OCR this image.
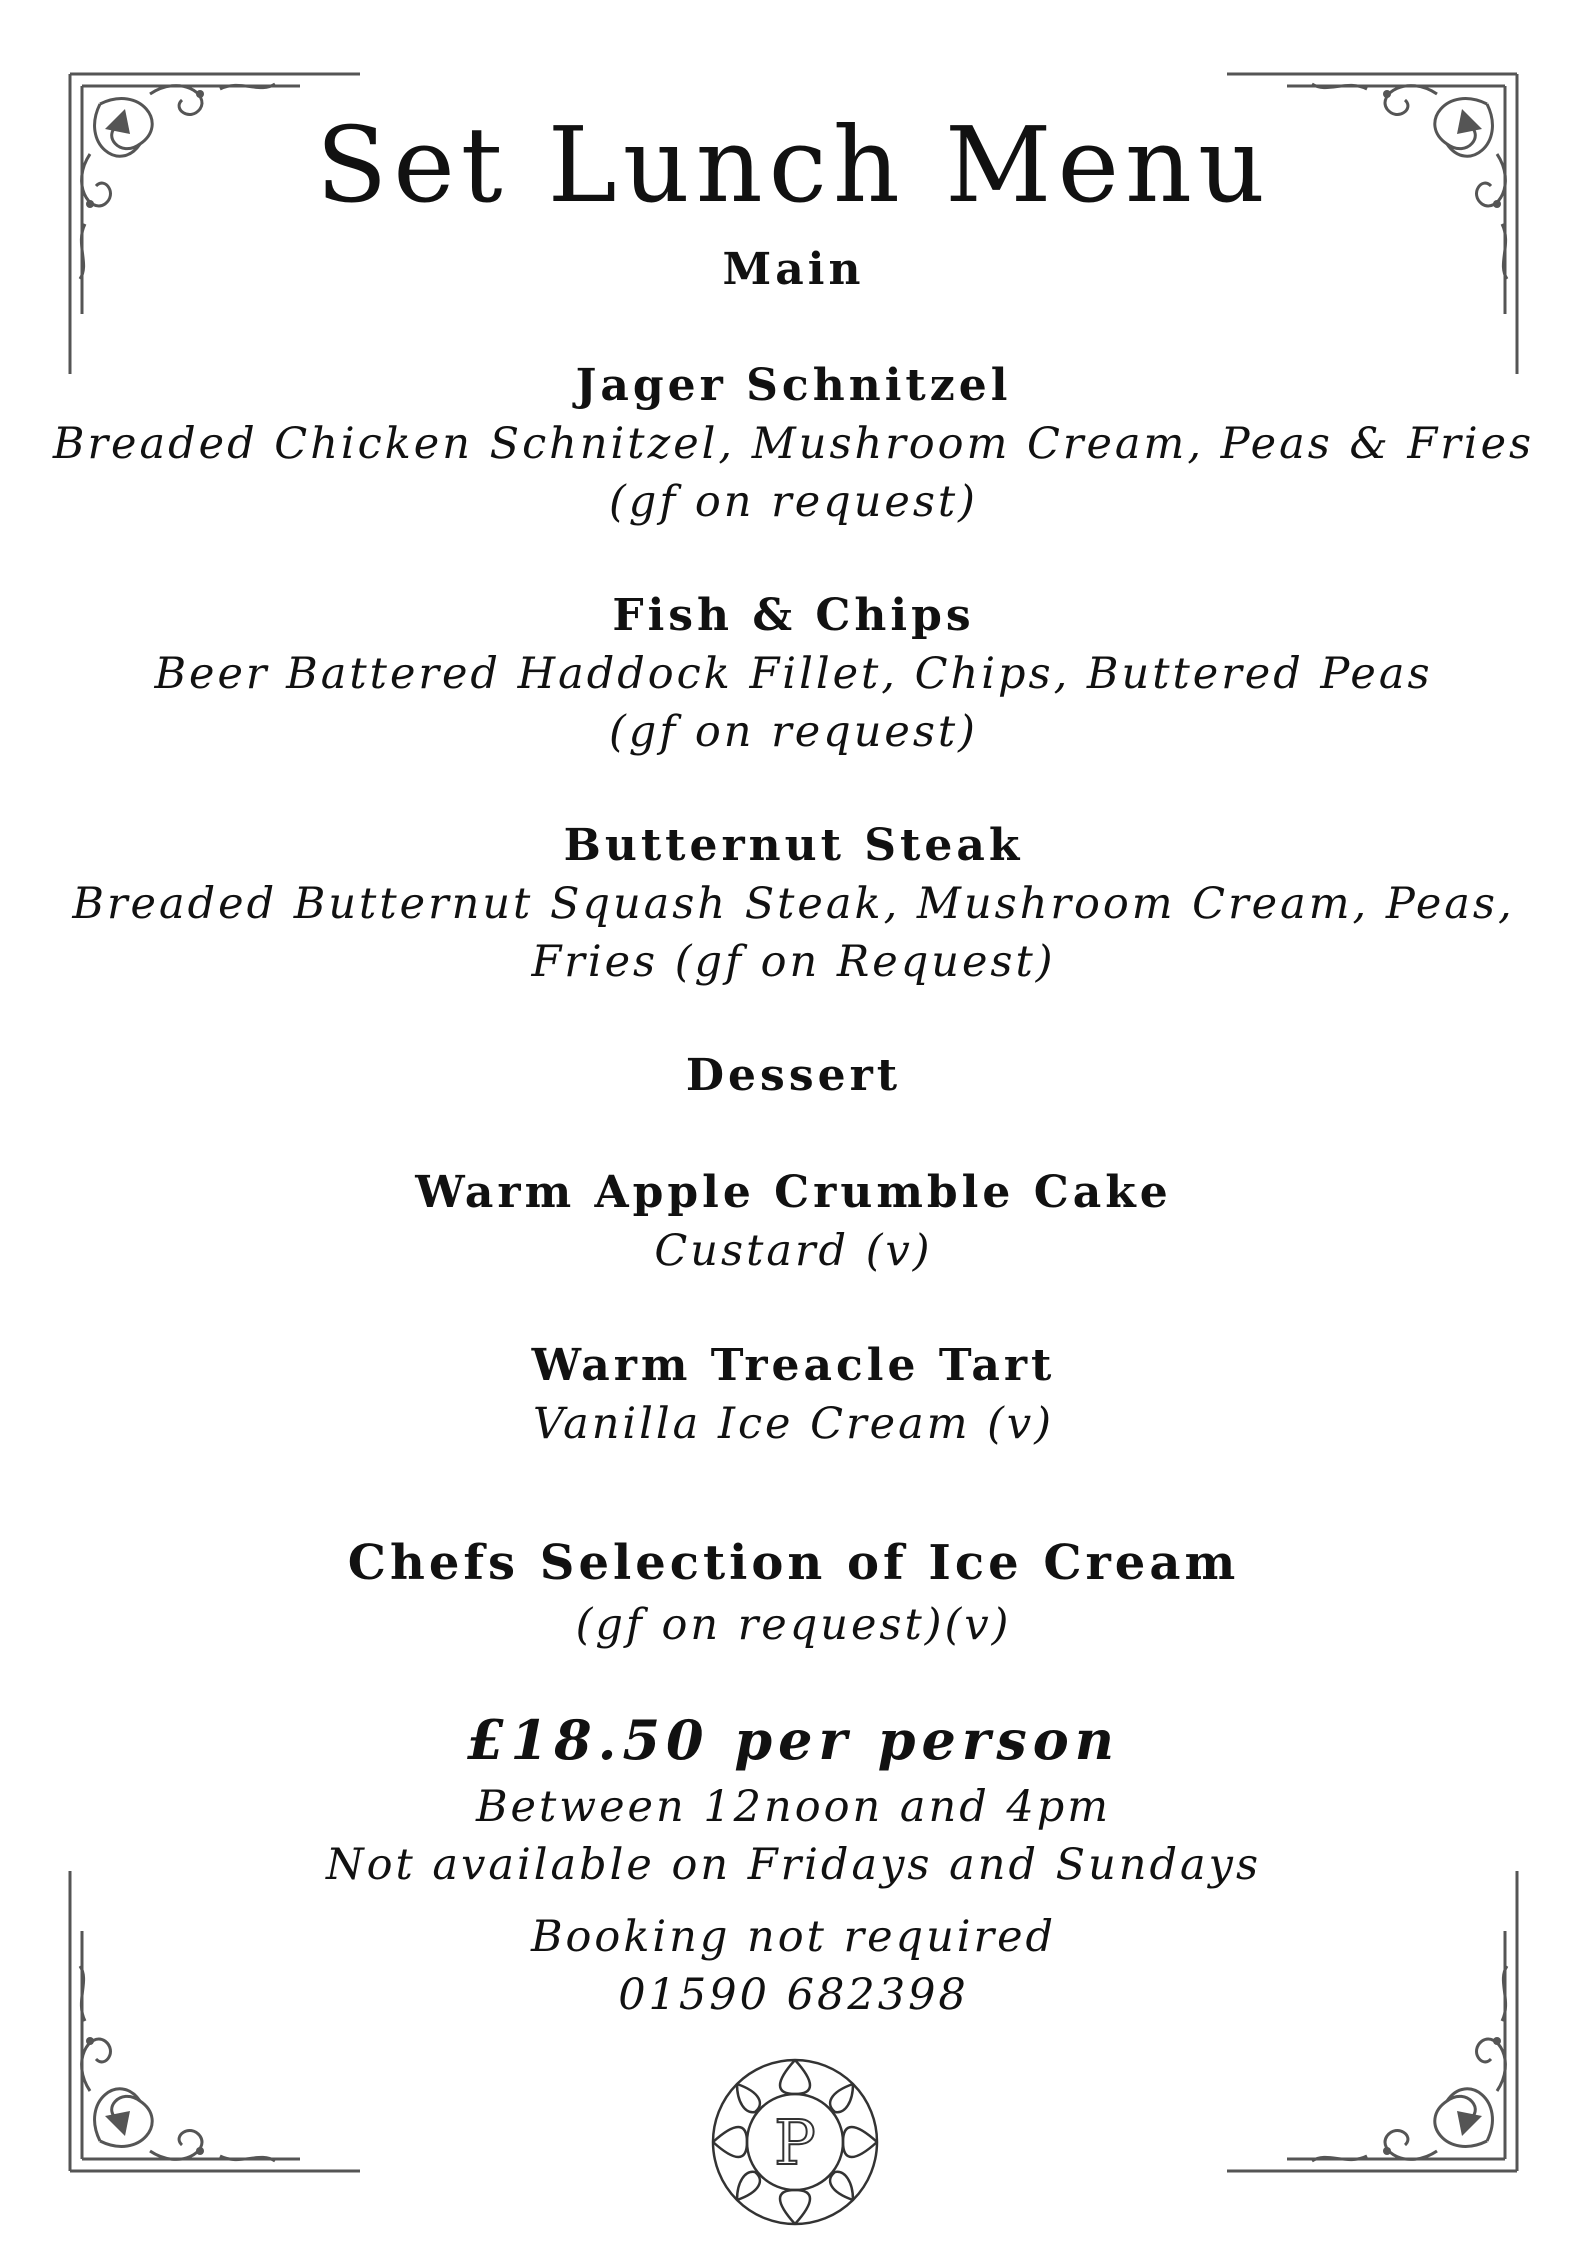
Set Lunch Menu
Main
Jager Schnitzel

Breaded Chicken Schnitzel, Mushroom Cream, Peas & Fries
(gf on request)

Fish & Chips

Beer Battered Haddock Fillet, Chips, Buttered Peas
(gf on request)

Butternut Steak

Breaded Butternut Squash Steak, Mushroom Cream, Peas,
Fries (gf on Request)

Dessert
Warm Apple Crumble Cake

Custard (v)

Warm Treacle Tart

Vanilla Ice Cream (v)

Chefs Selection of Ice Cream

(gf on request)(v)

£18.50 per person

Between 12noon and 4pm
Not available on Fridays and Sundays

Booking not required
01590 682398

P
